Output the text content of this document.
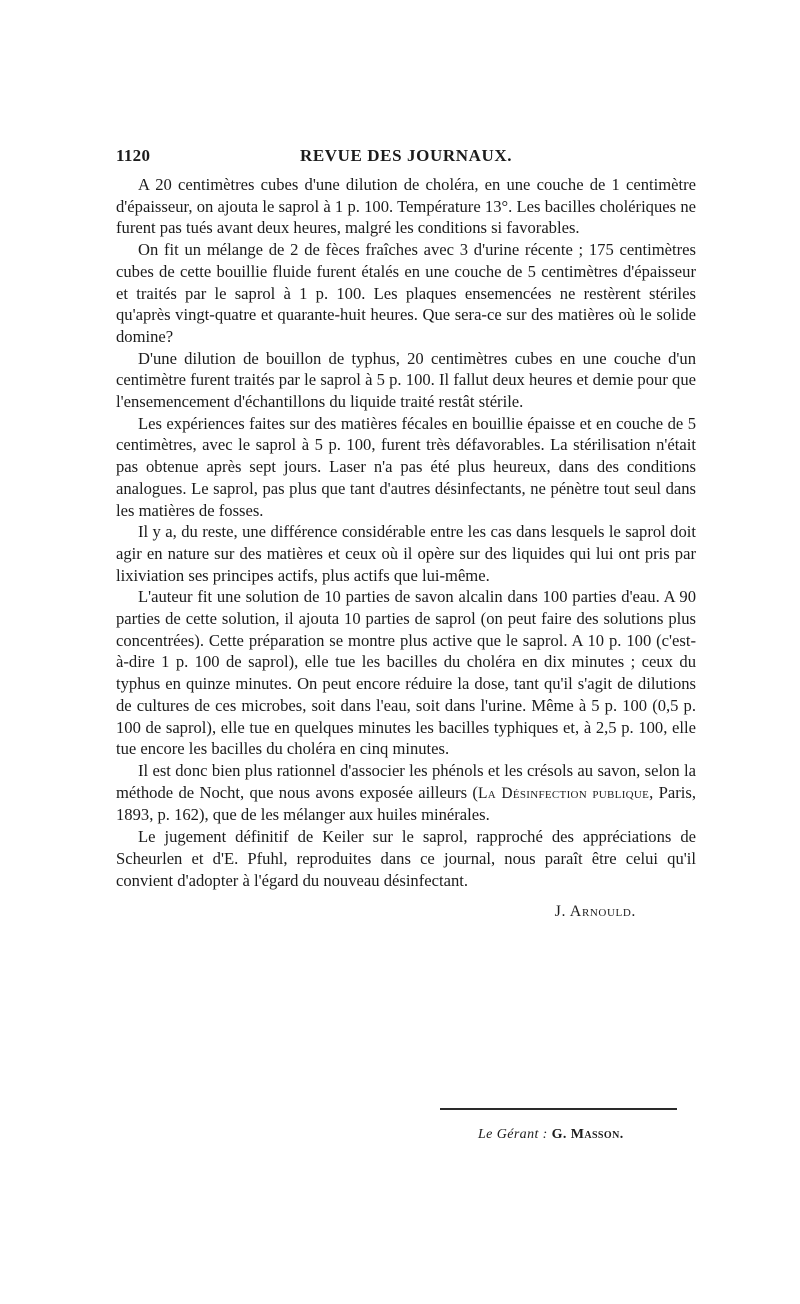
1120	REVUE DES JOURNAUX.

A 20 centimètres cubes d'une dilution de choléra, en une couche de 1 centimètre d'épaisseur, on ajouta le saprol à 1 p. 100. Température 13°. Les bacilles cholériques ne furent pas tués avant deux heures, malgré les conditions si favorables.

On fit un mélange de 2 de fèces fraîches avec 3 d'urine récente ; 175 centimètres cubes de cette bouillie fluide furent étalés en une couche de 5 centimètres d'épaisseur et traités par le saprol à 1 p. 100. Les plaques ensemencées ne restèrent stériles qu'après vingt-quatre et quarante-huit heures. Que sera-ce sur des matières où le solide domine?

D'une dilution de bouillon de typhus, 20 centimètres cubes en une couche d'un centimètre furent traités par le saprol à 5 p. 100. Il fallut deux heures et demie pour que l'ensemencement d'échantillons du liquide traité restât stérile.

Les expériences faites sur des matières fécales en bouillie épaisse et en couche de 5 centimètres, avec le saprol à 5 p. 100, furent très défavorables. La stérilisation n'était pas obtenue après sept jours. Laser n'a pas été plus heureux, dans des conditions analogues. Le saprol, pas plus que tant d'autres désinfectants, ne pénètre tout seul dans les matières de fosses.

Il y a, du reste, une différence considérable entre les cas dans lesquels le saprol doit agir en nature sur des matières et ceux où il opère sur des liquides qui lui ont pris par lixiviation ses principes actifs, plus actifs que lui-même.

L'auteur fit une solution de 10 parties de savon alcalin dans 100 parties d'eau. A 90 parties de cette solution, il ajouta 10 parties de saprol (on peut faire des solutions plus concentrées). Cette préparation se montre plus active que le saprol. A 10 p. 100 (c'est-à-dire 1 p. 100 de saprol), elle tue les bacilles du choléra en dix minutes ; ceux du typhus en quinze minutes. On peut encore réduire la dose, tant qu'il s'agit de dilutions de cultures de ces microbes, soit dans l'eau, soit dans l'urine. Même à 5 p. 100 (0,5 p. 100 de saprol), elle tue en quelques minutes les bacilles typhiques et, à 2,5 p. 100, elle tue encore les bacilles du choléra en cinq minutes.

Il est donc bien plus rationnel d'associer les phénols et les crésols au savon, selon la méthode de Nocht, que nous avons exposée ailleurs (La Désinfection publique, Paris, 1893, p. 162), que de les mélanger aux huiles minérales.

Le jugement définitif de Keiler sur le saprol, rapproché des appréciations de Scheurlen et d'E. Pfuhl, reproduites dans ce journal, nous paraît être celui qu'il convient d'adopter à l'égard du nouveau désinfectant.

J. Arnould.
Le Gérant : G. Masson.
